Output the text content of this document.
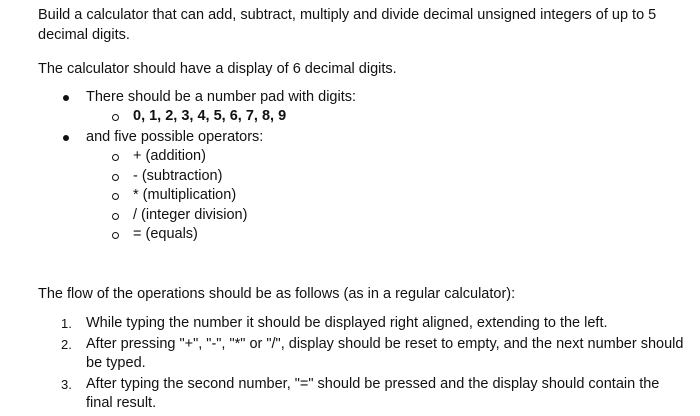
Build a calculator that can add, subtract, multiply and divide decimal unsigned integers of up to 5 decimal digits.

The calculator should have a display of 6 decimal digits.

There should be a number pad with digits:
0, 1, 2, 3, 4, 5, 6, 7, 8, 9
and five possible operators:
+ (addition)
- (subtraction)
* (multiplication)
/ (integer division)
= (equals)

The flow of the operations should be as follows (as in a regular calculator):

1. While typing the number it should be displayed right aligned, extending to the left.
2. After pressing "+", "-", "*" or "/", display should be reset to empty, and the next number should be typed.
3. After typing the second number, "=" should be pressed and the display should contain the final result.
